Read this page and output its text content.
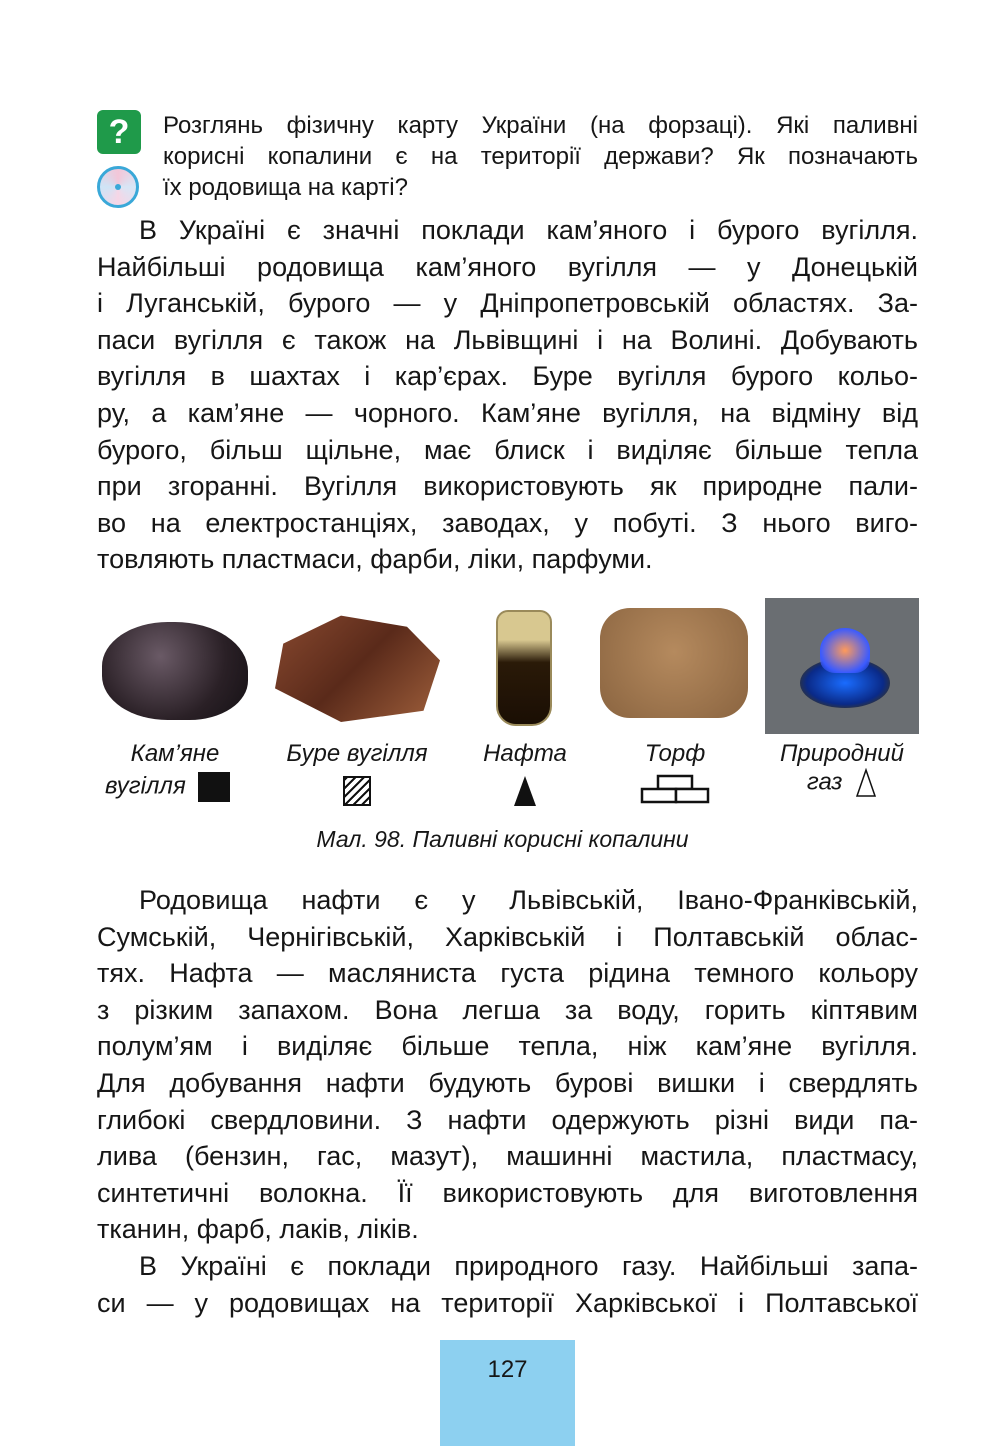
?	Розглянь фізичну карту України (на форзаці). Які паливні
корисні копалини є на території держави? Як позначають
їх родовища на карті?
В Україні є значні поклади кам’яного і бурого вугілля.
Найбільші родовища кам’яного вугілля — у Донецькій
і Луганській, бурого — у Дніпропетровській областях. За-
паси вугілля є також на Львівщині і на Волині. Добувають
вугілля в шахтах і кар’єрах. Буре вугілля бурого кольо-
ру, а кам’яне — чорного. Кам’яне вугілля, на відміну від
бурого, більш щільне, має блиск і виділяє більше тепла
при згоранні. Вугілля використовують як природне пали-
во на електростанціях, заводах, у побуті. З нього виго-
товляють пластмаси, фарби, ліки, парфуми.
Кам’яне
вугілля
Буре вугілля	Нафта	Торф	Природний
газ
Мал. 98. Паливні корисні копалини
Родовища нафти є у Львівській, Івано-Франківській,
Сумській, Чернігівській, Харківській і Полтавській облас-
тях. Нафта — масляниста густа рідина темного кольору
з різким запахом. Вона легша за воду, горить кіптявим
полум’ям і виділяє більше тепла, ніж кам’яне вугілля.
Для добування нафти будують бурові вишки і свердлять
глибокі свердловини. З нафти одержують різні види па-
лива (бензин, гас, мазут), машинні мастила, пластмасу,
синтетичні волокна. Її використовують для виготовлення
тканин, фарб, лаків, ліків.
В Україні є поклади природного газу. Найбільші запа-
си — у родовищах на території Харківської і Полтавської
127
